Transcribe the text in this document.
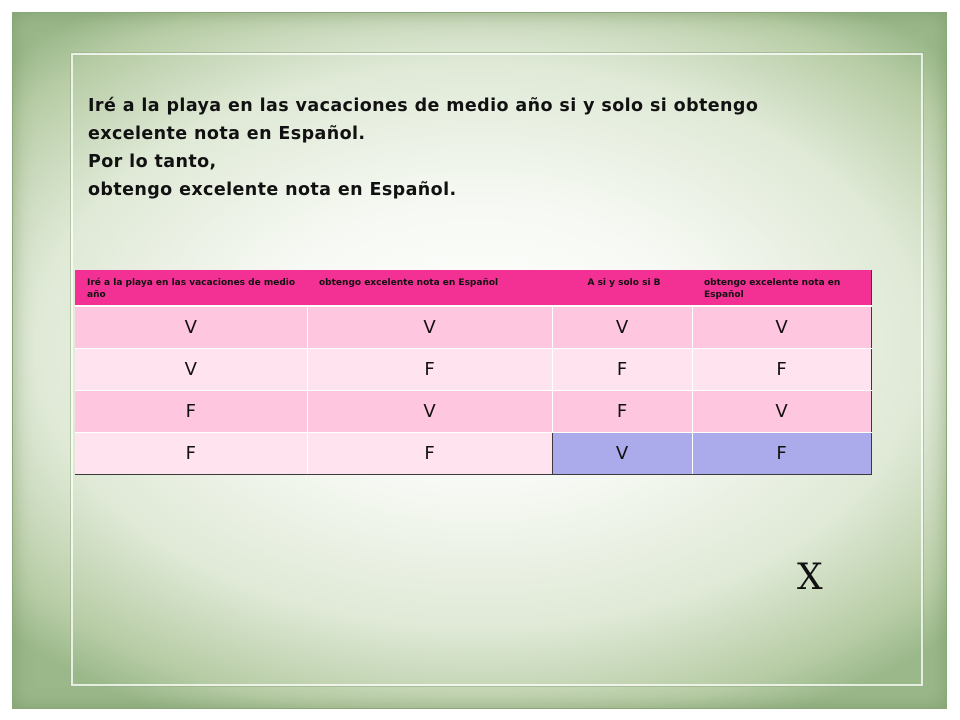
Iré a la playa en las vacaciones de medio año si y solo si obtengo
excelente nota en Español.
Por lo tanto,
obtengo excelente nota en Español.
Iré a la playa en las vacaciones de medio año	obtengo excelente nota en Español	A si y solo si B	obtengo excelente nota en Español
V	V	V	V
V	F	F	F
F	V	F	V
F	F	V	F
X
